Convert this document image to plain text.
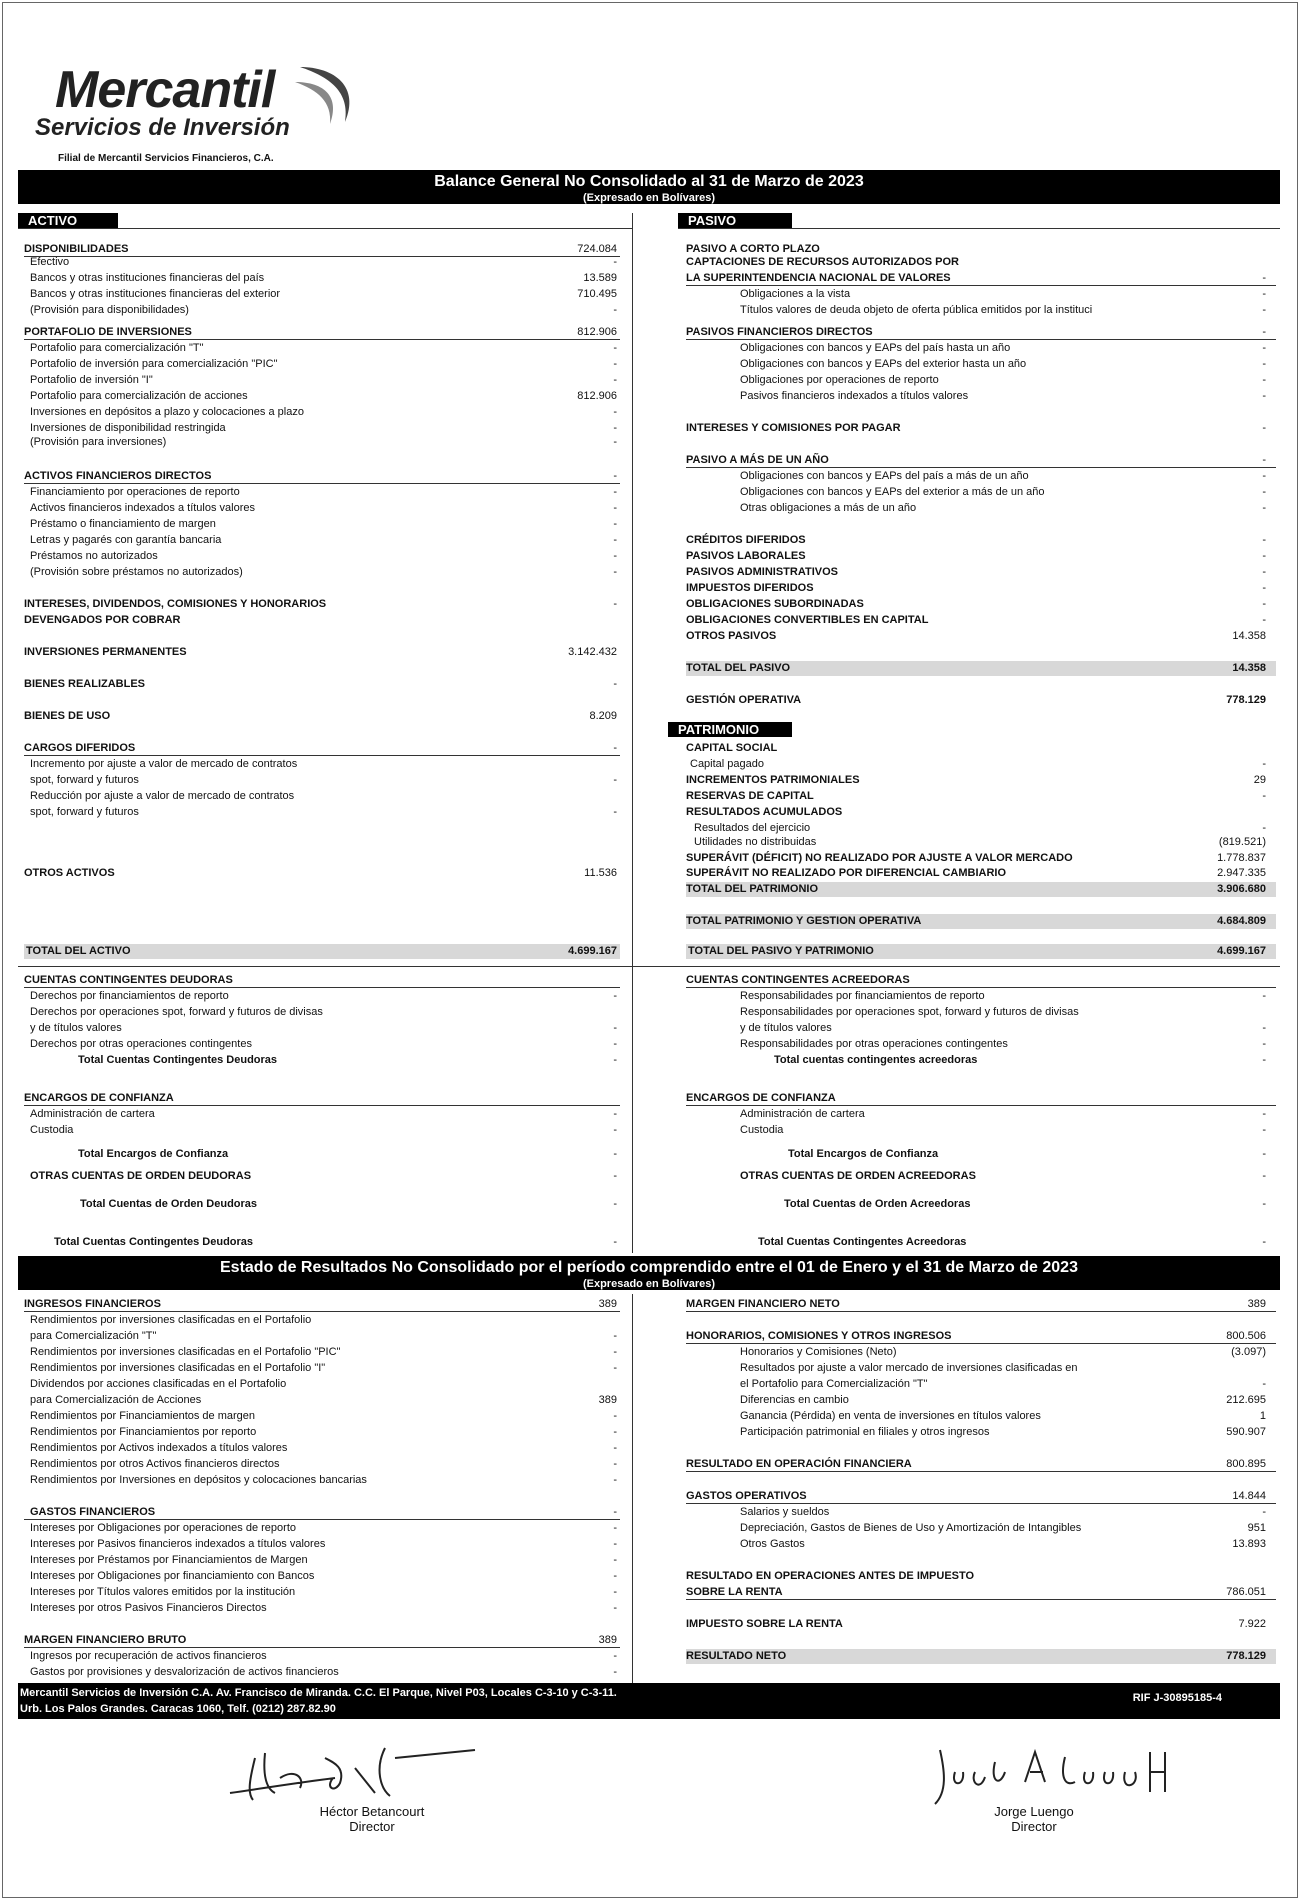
Mercantil
Servicios de Inversión
Filial de Mercantil Servicios Financieros, C.A.
Balance General No Consolidado al 31 de Marzo de 2023
(Expresado en Bolívares)
ACTIVO	PASIVO
PATRIMONIO
DISPONIBILIDADES	724.084
Efectivo	-
Bancos y otras instituciones financieras del país	13.589
Bancos y otras instituciones financieras del exterior	710.495
(Provisión para disponibilidades)	-
PORTAFOLIO DE INVERSIONES	812.906
Portafolio para comercialización "T"	-
Portafolio de inversión para comercialización "PIC"	-
Portafolio de inversión "I"	-
Portafolio para comercialización de acciones	812.906
Inversiones en depósitos a plazo y colocaciones a plazo	-
Inversiones de disponibilidad restringida	-
(Provisión para inversiones)	-
ACTIVOS FINANCIEROS DIRECTOS	-
Financiamiento por operaciones de reporto	-
Activos financieros indexados a títulos valores	-
Préstamo o financiamiento de margen	-
Letras y pagarés con garantía bancaria	-
Préstamos no autorizados	-
(Provisión sobre préstamos no autorizados)	-
INTERESES, DIVIDENDOS, COMISIONES Y HONORARIOS	-
DEVENGADOS POR COBRAR
INVERSIONES PERMANENTES	3.142.432
BIENES REALIZABLES	-
BIENES DE USO	8.209
CARGOS DIFERIDOS	-
Incremento por ajuste a valor de mercado de contratos
spot, forward y futuros	-
Reducción por ajuste a valor de mercado de contratos
spot, forward y futuros	-
OTROS ACTIVOS	11.536
PASIVO A CORTO PLAZO
CAPTACIONES DE RECURSOS AUTORIZADOS POR
LA SUPERINTENDENCIA NACIONAL DE VALORES	-
Obligaciones a la vista	-
Títulos valores de deuda objeto de oferta pública emitidos por la instituci	-
PASIVOS FINANCIEROS DIRECTOS	-
Obligaciones con bancos y EAPs del país hasta un año	-
Obligaciones con bancos y EAPs del exterior hasta un año	-
Obligaciones por operaciones de reporto	-
Pasivos financieros indexados a títulos valores	-
INTERESES Y COMISIONES POR PAGAR	-
PASIVO A MÁS DE UN AÑO	-
Obligaciones con bancos y EAPs del país a más de un año	-
Obligaciones con bancos y EAPs del exterior a más de un año	-
Otras obligaciones a más de un año	-
CRÉDITOS DIFERIDOS	-
PASIVOS LABORALES	-
PASIVOS ADMINISTRATIVOS	-
IMPUESTOS DIFERIDOS	-
OBLIGACIONES SUBORDINADAS	-
OBLIGACIONES CONVERTIBLES EN CAPITAL	-
OTROS PASIVOS	14.358
TOTAL DEL PASIVO	14.358
GESTIÓN OPERATIVA	778.129
CAPITAL SOCIAL
Capital pagado	-
INCREMENTOS PATRIMONIALES	29
RESERVAS DE CAPITAL	-
RESULTADOS ACUMULADOS
Resultados del ejercicio	-
Utilidades no distribuidas	(819.521)
SUPERÁVIT (DÉFICIT) NO REALIZADO POR AJUSTE A VALOR MERCADO	1.778.837
SUPERÁVIT NO REALIZADO POR DIFERENCIAL CAMBIARIO	2.947.335
TOTAL DEL PATRIMONIO	3.906.680
TOTAL PATRIMONIO Y GESTION OPERATIVA	4.684.809
CUENTAS CONTINGENTES DEUDORAS
Derechos por financiamientos de reporto	-
Derechos por operaciones spot, forward y futuros de divisas
y de títulos valores	-
Derechos por otras operaciones contingentes	-
Total Cuentas Contingentes Deudoras	-
ENCARGOS DE CONFIANZA
Administración de cartera	-
Custodia	-
Total Encargos de Confianza	-
OTRAS CUENTAS DE ORDEN DEUDORAS	-
Total Cuentas de Orden Deudoras	-
Total Cuentas Contingentes Deudoras	-
CUENTAS CONTINGENTES ACREEDORAS
Responsabilidades por financiamientos de reporto	-
Responsabilidades por operaciones spot, forward y futuros de divisas
y de títulos valores	-
Responsabilidades por otras operaciones contingentes	-
Total cuentas contingentes acreedoras	-
ENCARGOS DE CONFIANZA
Administración de cartera	-
Custodia	-
Total Encargos de Confianza	-
OTRAS CUENTAS DE ORDEN ACREEDORAS	-
Total Cuentas de Orden Acreedoras	-
Total Cuentas Contingentes Acreedoras	-
INGRESOS FINANCIEROS	389
Rendimientos por inversiones clasificadas en el Portafolio
para Comercialización "T"	-
Rendimientos por inversiones clasificadas en el Portafolio "PIC"	-
Rendimientos por inversiones clasificadas en el Portafolio "I"	-
Dividendos por acciones clasificadas en el Portafolio
para Comercialización de Acciones	389
Rendimientos por Financiamientos de margen	-
Rendimientos por Financiamientos por reporto	-
Rendimientos por Activos indexados a títulos valores	-
Rendimientos por otros Activos financieros directos	-
Rendimientos por Inversiones en depósitos y colocaciones bancarias	-
GASTOS FINANCIEROS	-
Intereses por Obligaciones por operaciones de reporto	-
Intereses por Pasivos financieros indexados a títulos valores	-
Intereses por Préstamos por Financiamientos de Margen	-
Intereses por Obligaciones por financiamiento con Bancos	-
Intereses por Títulos valores emitidos por la institución	-
Intereses por otros Pasivos Financieros Directos	-
MARGEN FINANCIERO BRUTO	389
Ingresos por recuperación de activos financieros	-
Gastos por provisiones y desvalorización de activos financieros	-
MARGEN FINANCIERO NETO	389
HONORARIOS, COMISIONES Y OTROS INGRESOS	800.506
Honorarios y Comisiones (Neto)	(3.097)
Resultados por ajuste a valor mercado de inversiones clasificadas en
el Portafolio para Comercialización "T"	-
Diferencias en cambio	212.695
Ganancia (Pérdida) en venta de inversiones en títulos valores	1
Participación patrimonial en filiales y otros ingresos	590.907
RESULTADO EN OPERACIÓN FINANCIERA	800.895
GASTOS OPERATIVOS	14.844
Salarios y sueldos	-
Depreciación, Gastos de Bienes de Uso y Amortización de Intangibles	951
Otros Gastos	13.893
RESULTADO EN OPERACIONES ANTES DE IMPUESTO
SOBRE LA RENTA	786.051
IMPUESTO SOBRE LA RENTA	7.922
RESULTADO NETO	778.129
TOTAL DEL ACTIVO	4.699.167	TOTAL DEL PASIVO Y PATRIMONIO	4.699.167
Estado de Resultados No Consolidado por el período comprendido entre el 01 de Enero y el 31 de Marzo de 2023
(Expresado en Bolívares)
Mercantil Servicios de Inversión C.A. Av. Francisco de Miranda. C.C. El Parque, Nivel P03, Locales C-3-10 y C-3-11.
Urb. Los Palos Grandes. Caracas 1060, Telf. (0212) 287.82.90
RIF J-30895185-4
Héctor Betancourt
Director
Jorge Luengo
Director
